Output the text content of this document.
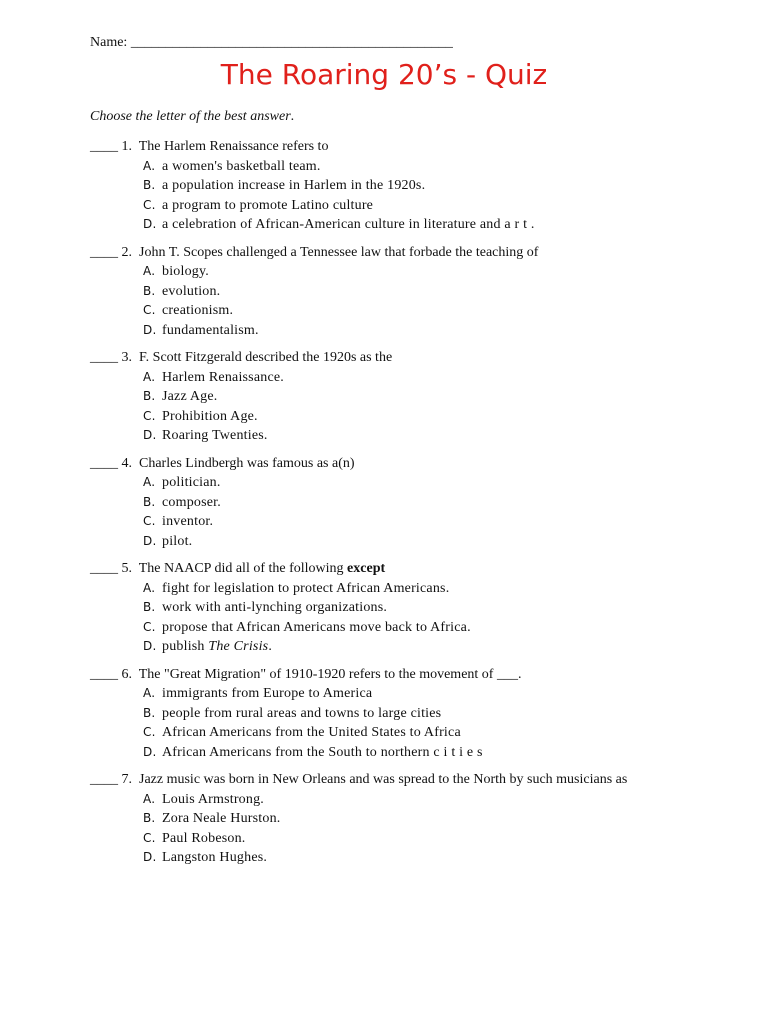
Name: ______________________________________________
The Roaring 20’s - Quiz

Choose the letter of the best answer.

____ 1. The Harlem Renaissance refers to
A. a women's basketball team.
B. a population increase in Harlem in the 1920s.
C. a program to promote Latino culture
D. a celebration of African-American culture in literature and a r t .
____ 2. John T. Scopes challenged a Tennessee law that forbade the teaching of
A. biology.
B. evolution.
C. creationism.
D. fundamentalism.
____ 3. F. Scott Fitzgerald described the 1920s as the
A. Harlem Renaissance.
B. Jazz Age.
C. Prohibition Age.
D. Roaring Twenties.
____ 4. Charles Lindbergh was famous as a(n)
A. politician.
B. composer.
C. inventor.
D. pilot.
____ 5. The NAACP did all of the following except
A. fight for legislation to protect African Americans.
B. work with anti-lynching organizations.
C. propose that African Americans move back to Africa.
D. publish The Crisis.
____ 6. The "Great Migration" of 1910-1920 refers to the movement of ___.
A. immigrants from Europe to America
B. people from rural areas and towns to large cities
C. African Americans from the United States to Africa
D. African Americans from the South to northern c i t i e s
____ 7. Jazz music was born in New Orleans and was spread to the North by such musicians as
A. Louis Armstrong.
B. Zora Neale Hurston.
C. Paul Robeson.
D. Langston Hughes.
